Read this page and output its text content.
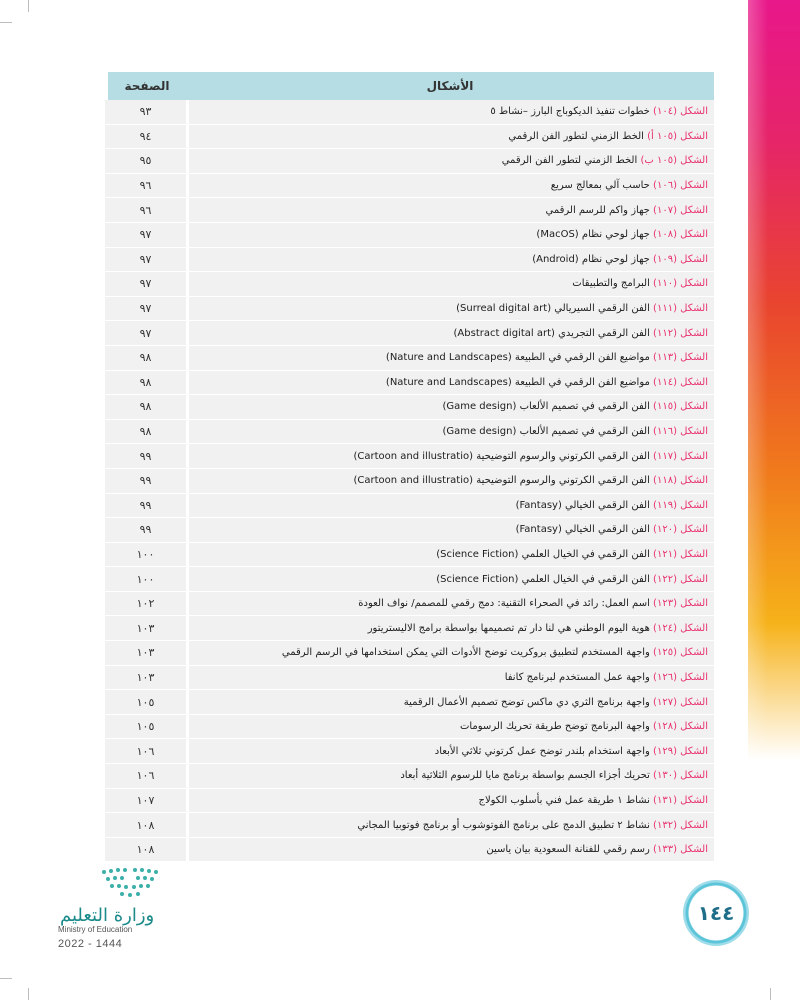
الأشكال	الصفحة
الشكل (١٠٤) خطوات تنفيذ الديكوباج البارز –نشاط ٥	٩٣
الشكل (١٠٥ أ) الخط الزمني لتطور الفن الرقمي	٩٤
الشكل (١٠٥ ب) الخط الزمني لتطور الفن الرقمي	٩٥
الشكل (١٠٦) حاسب آلي بمعالج سريع	٩٦
الشكل (١٠٧) جهاز واكم للرسم الرقمي	٩٦
الشكل (١٠٨) جهاز لوحي نظام (MacOS)	٩٧
الشكل (١٠٩) جهاز لوحي نظام (Android)	٩٧
الشكل (١١٠) البرامج والتطبيقات	٩٧
الشكل (١١١) الفن الرقمي السيريالي (Surreal digital art)	٩٧
الشكل (١١٢) الفن الرقمي التجريدي (Abstract digital art)	٩٧
الشكل (١١٣) مواضيع الفن الرقمي في الطبيعة (Nature and Landscapes)	٩٨
الشكل (١١٤) مواضيع الفن الرقمي في الطبيعة (Nature and Landscapes)	٩٨
الشكل (١١٥) الفن الرقمي في تصميم الألعاب (Game design)	٩٨
الشكل (١١٦) الفن الرقمي في تصميم الألعاب (Game design)	٩٨
الشكل (١١٧) الفن الرقمي الكرتوني والرسوم التوضيحية (Cartoon and illustratio)	٩٩
الشكل (١١٨) الفن الرقمي الكرتوني والرسوم التوضيحية (Cartoon and illustratio)	٩٩
الشكل (١١٩) الفن الرقمي الخيالي (Fantasy)	٩٩
الشكل (١٢٠) الفن الرقمي الخيالي (Fantasy)	٩٩
الشكل (١٢١) الفن الرقمي في الخيال العلمي (Science Fiction)	١٠٠
الشكل (١٢٢) الفن الرقمي في الخيال العلمي (Science Fiction)	١٠٠
الشكل (١٢٣) اسم العمل: رائد في الصحراء التقنية: دمج رقمي للمصمم/ نواف العودة	١٠٢
الشكل (١٢٤) هوية اليوم الوطني هي لنا دار تم تصميمها بواسطة برامج الاليستريتور	١٠٣
الشكل (١٢٥) واجهة المستخدم لتطبيق بروكريت توضح الأدوات التي يمكن استخدامها في الرسم الرقمي	١٠٣
الشكل (١٢٦) واجهة عمل المستخدم لبرنامج كانفا	١٠٣
الشكل (١٢٧) واجهة برنامج الثري دي ماكس توضح تصميم الأعمال الرقمية	١٠٥
الشكل (١٢٨) واجهة البرنامج توضح طريقة تحريك الرسومات	١٠٥
الشكل (١٢٩) واجهة استخدام بلندر توضح عمل كرتوني ثلاثي الأبعاد	١٠٦
الشكل (١٣٠) تحريك أجزاء الجسم بواسطة برنامج مايا للرسوم الثلاثية أبعاد	١٠٦
الشكل (١٣١) نشاط ١ طريقة عمل فني بأسلوب الكولاج	١٠٧
الشكل (١٣٢) نشاط ٢ تطبيق الدمج على برنامج الفوتوشوب أو برنامج فوتوبيا المجاني	١٠٨
الشكل (١٣٣) رسم رقمي للفنانة السعودية بيان ياسين	١٠٨
١٤٤
وزارة التعليم
Ministry of Education
2022 - 1444
